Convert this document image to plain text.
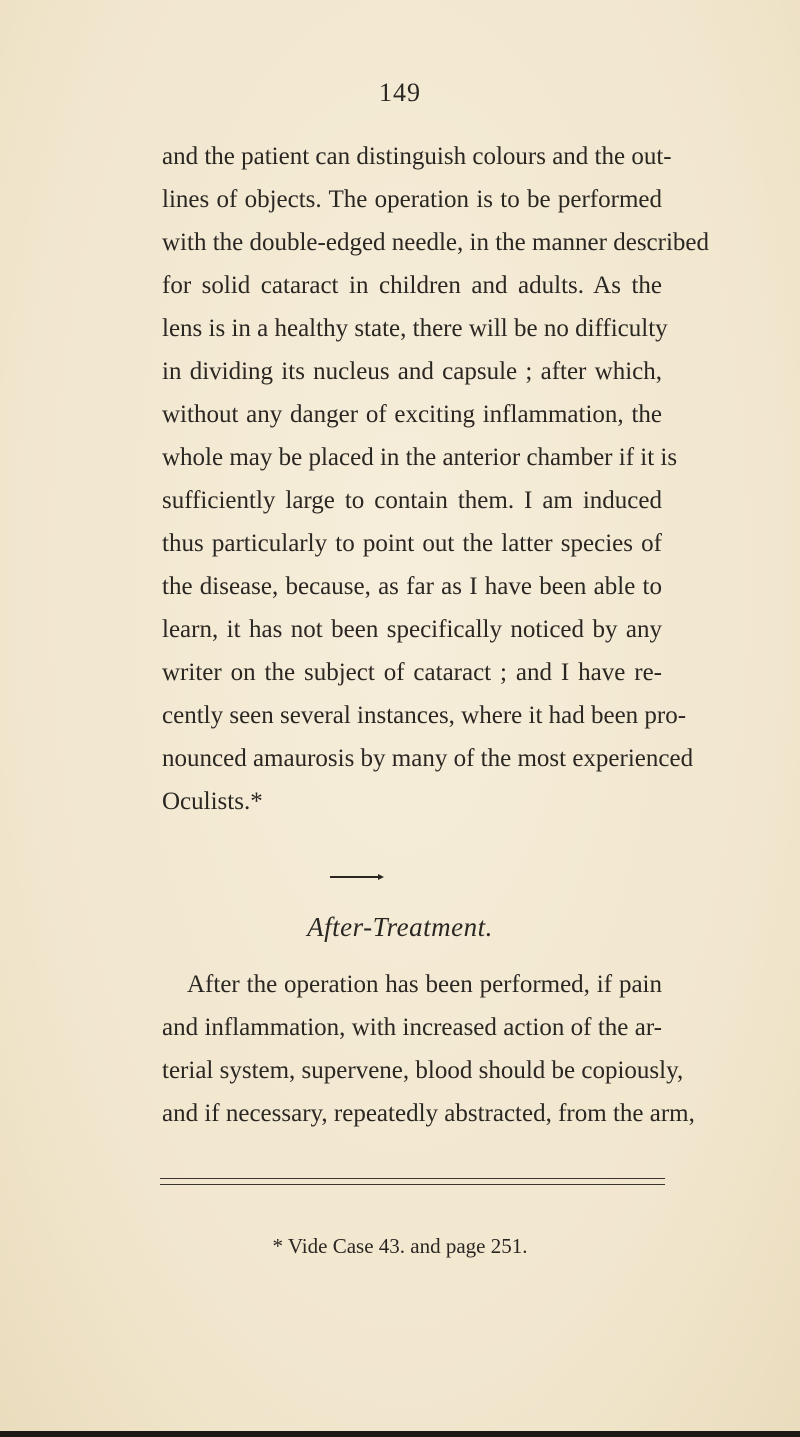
149
and the patient can distinguish colours and the out-
lines of objects. The operation is to be performed
with the double-edged needle, in the manner described
for solid cataract in children and adults. As the
lens is in a healthy state, there will be no difficulty
in dividing its nucleus and capsule ; after which,
without any danger of exciting inflammation, the
whole may be placed in the anterior chamber if it is
sufficiently large to contain them. I am induced
thus particularly to point out the latter species of
the disease, because, as far as I have been able to
learn, it has not been specifically noticed by any
writer on the subject of cataract ; and I have re-
cently seen several instances, where it had been pro-
nounced amaurosis by many of the most experienced
Oculists.*
After-Treatment.
After the operation has been performed, if pain
and inflammation, with increased action of the ar-
terial system, supervene, blood should be copiously,
and if necessary, repeatedly abstracted, from the arm,
* Vide Case 43. and page 251.
